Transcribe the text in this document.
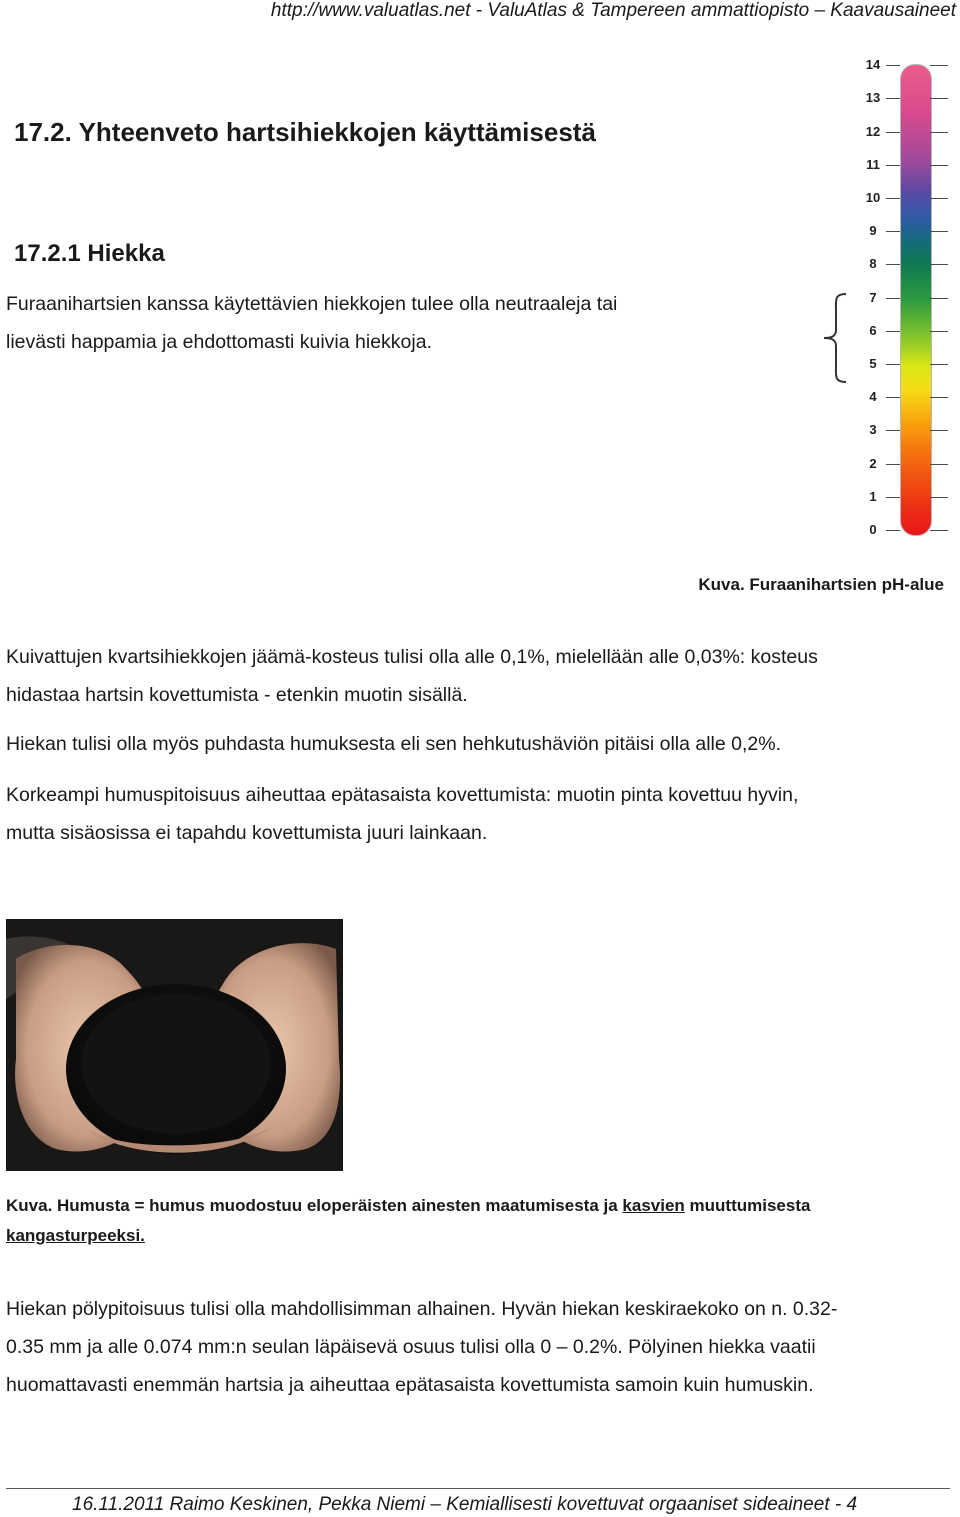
http://www.valuatlas.net - ValuAtlas & Tampereen ammattiopisto – Kaavausaineet
17.2. Yhteenveto hartsihiekkojen käyttämisestä
17.2.1 Hiekka
Furaanihartsien kanssa käytettävien hiekkojen tulee olla neutraaleja tai
lievästi happamia ja ehdottomasti kuivia hiekkoja.
0
1
2
3
4
5
6
7
8
9
10
11
12
13
14
Kuva. Furaanihartsien pH-alue
Kuivattujen kvartsihiekkojen jäämä-kosteus tulisi olla alle 0,1%, mielellään alle 0,03%: kosteus
hidastaa hartsin kovettumista - etenkin muotin sisällä.
Hiekan tulisi olla myös puhdasta humuksesta eli sen hehkutushäviön pitäisi olla alle 0,2%.
Korkeampi humuspitoisuus aiheuttaa epätasaista kovettumista: muotin pinta kovettuu hyvin,
mutta sisäosissa ei tapahdu kovettumista juuri lainkaan.
Kuva. Humusta = humus muodostuu eloperäisten ainesten maatumisesta ja kasvien muuttumisesta
kangasturpeeksi.
Hiekan pölypitoisuus tulisi olla mahdollisimman alhainen. Hyvän hiekan keskiraekoko on n. 0.32-
0.35 mm ja alle 0.074 mm:n seulan läpäisevä osuus tulisi olla 0 – 0.2%. Pölyinen hiekka vaatii
huomattavasti enemmän hartsia ja aiheuttaa epätasaista kovettumista samoin kuin humuskin.
16.11.2011 Raimo Keskinen, Pekka Niemi – Kemiallisesti kovettuvat orgaaniset sideaineet - 4
